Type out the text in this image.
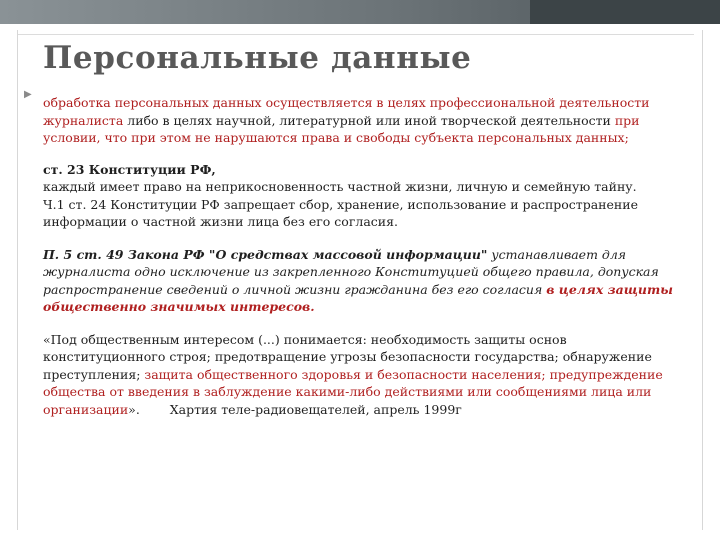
Персональные данные
▶

обработка персональных данных осуществляется в целях профессиональной деятельности журналиста либо в целях научной, литературной или иной творческой деятельности при условии, что при этом не нарушаются права и свободы субъекта персональных данных;

ст. 23 Конституции РФ,

каждый имеет право на неприкосновенность частной жизни, личную и семейную тайну.

Ч.1 ст. 24 Конституции РФ запрещает сбор, хранение, использование и распространение информации о частной жизни лица без его согласия.

П. 5 ст. 49 Закона РФ "О средствах массовой информации" устанавливает для журналиста одно исключение из закрепленного Конституцией общего правила, допуская распространение сведений о личной жизни гражданина без его согласия в целях защиты общественно значимых интересов.

«Под общественным интересом (...) понимается: необходимость защиты основ конституционного строя; предотвращение угрозы безопасности государства; обнаружение преступления; защита общественного здоровья и безопасности населения; предупреждение общества от введения в заблуждение какими-либо действиями или сообщениями лица или организации». Хартия теле-радиовещателей, апрель 1999г
